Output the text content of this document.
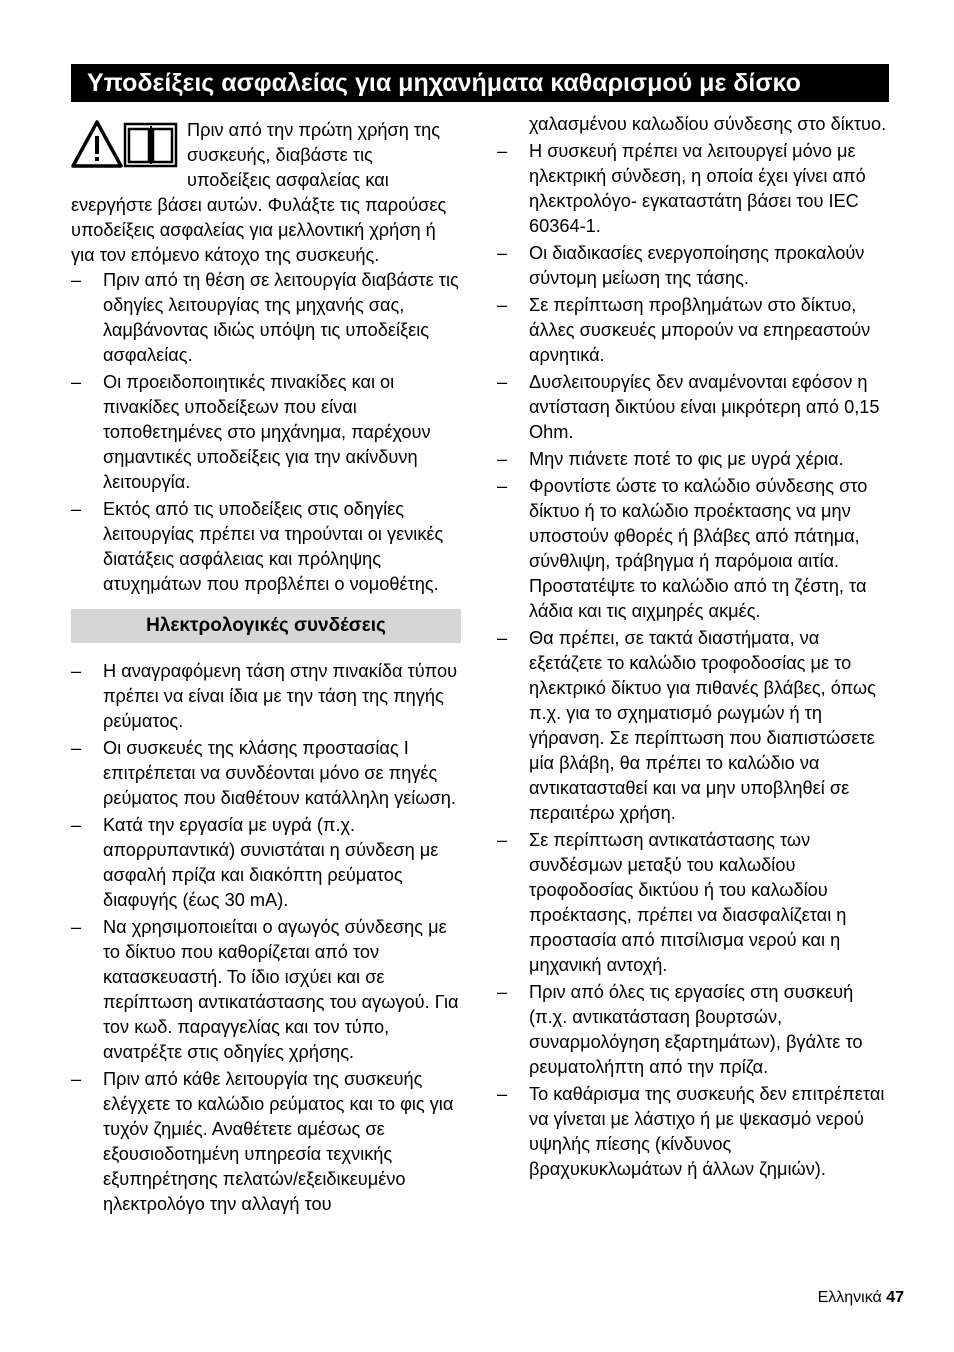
Υποδείξεις ασφαλείας για μηχανήματα καθαρισμού με δίσκο

Πριν από την πρώτη χρήση της συσκευής, διαβάστε τις υποδείξεις ασφαλείας και ενεργήστε βάσει αυτών. Φυλάξτε τις παρούσες υποδείξεις ασφαλείας για μελλοντική χρήση ή για τον επόμενο κάτοχο της συσκευής.

– Πριν από τη θέση σε λειτουργία διαβάστε τις οδηγίες λειτουργίας της μηχανής σας, λαμβάνοντας ιδιώς υπόψη τις υποδείξεις ασφαλείας.
– Οι προειδοποιητικές πινακίδες και οι πινακίδες υποδείξεων που είναι τοποθετημένες στο μηχάνημα, παρέχουν σημαντικές υποδείξεις για την ακίνδυνη λειτουργία.
– Εκτός από τις υποδείξεις στις οδηγίες λειτουργίας πρέπει να τηρούνται οι γενικές διατάξεις ασφάλειας και πρόληψης ατυχημάτων που προβλέπει ο νομοθέτης.
Ηλεκτρολογικές συνδέσεις
– Η αναγραφόμενη τάση στην πινακίδα τύπου πρέπει να είναι ίδια με την τάση της πηγής ρεύματος.
– Οι συσκευές της κλάσης προστασίας I επιτρέπεται να συνδέονται μόνο σε πηγές ρεύματος που διαθέτουν κατάλληλη γείωση.
– Κατά την εργασία με υγρά (π.χ. απορρυπαντικά) συνιστάται η σύνδεση με ασφαλή πρίζα και διακόπτη ρεύματος διαφυγής (έως 30 mA).
– Να χρησιμοποιείται ο αγωγός σύνδεσης με το δίκτυο που καθορίζεται από τον κατασκευαστή. Το ίδιο ισχύει και σε περίπτωση αντικατάστασης του αγωγού. Για τον κωδ. παραγγελίας και τον τύπο, ανατρέξτε στις οδηγίες χρήσης.
– Πριν από κάθε λειτουργία της συσκευής ελέγχετε το καλώδιο ρεύματος και το φις για τυχόν ζημιές. Αναθέτετε αμέσως σε εξουσιοδοτημένη υπηρεσία τεχνικής εξυπηρέτησης πελατών/εξειδικευμένο ηλεκτρολόγο την αλλαγή του

χαλασμένου καλωδίου σύνδεσης στο δίκτυο.

– Η συσκευή πρέπει να λειτουργεί μόνο με ηλεκτρική σύνδεση, η οποία έχει γίνει από ηλεκτρολόγο- εγκαταστάτη βάσει του IEC 60364-1.
– Οι διαδικασίες ενεργοποίησης προκαλούν σύντομη μείωση της τάσης.
– Σε περίπτωση προβλημάτων στο δίκτυο, άλλες συσκευές μπορούν να επηρεαστούν αρνητικά.
– Δυσλειτουργίες δεν αναμένονται εφόσον η αντίσταση δικτύου είναι μικρότερη από 0,15 Ohm.
– Μην πιάνετε ποτέ το φις με υγρά χέρια.
– Φροντίστε ώστε το καλώδιο σύνδεσης στο δίκτυο ή το καλώδιο προέκτασης να μην υποστούν φθορές ή βλάβες από πάτημα, σύνθλιψη, τράβηγμα ή παρόμοια αιτία. Προστατέψτε το καλώδιο από τη ζέστη, τα λάδια και τις αιχμηρές ακμές.
– Θα πρέπει, σε τακτά διαστήματα, να εξετάζετε το καλώδιο τροφοδοσίας με το ηλεκτρικό δίκτυο για πιθανές βλάβες, όπως π.χ. για το σχηματισμό ρωγμών ή τη γήρανση. Σε περίπτωση που διαπιστώσετε μία βλάβη, θα πρέπει το καλώδιο να αντικατασταθεί και να μην υποβληθεί σε περαιτέρω χρήση.
– Σε περίπτωση αντικατάστασης των συνδέσμων μεταξύ του καλωδίου τροφοδοσίας δικτύου ή του καλωδίου προέκτασης, πρέπει να διασφαλίζεται η προστασία από πιτσίλισμα νερού και η μηχανική αντοχή.
– Πριν από όλες τις εργασίες στη συσκευή (π.χ. αντικατάσταση βουρτσών, συναρμολόγηση εξαρτημάτων), βγάλτε το ρευματολήπτη από την πρίζα.
– Το καθάρισμα της συσκευής δεν επιτρέπεται να γίνεται με λάστιχο ή με ψεκασμό νερού υψηλής πίεσης (κίνδυνος βραχυκυκλωμάτων ή άλλων ζημιών).
Ελληνικά 47
